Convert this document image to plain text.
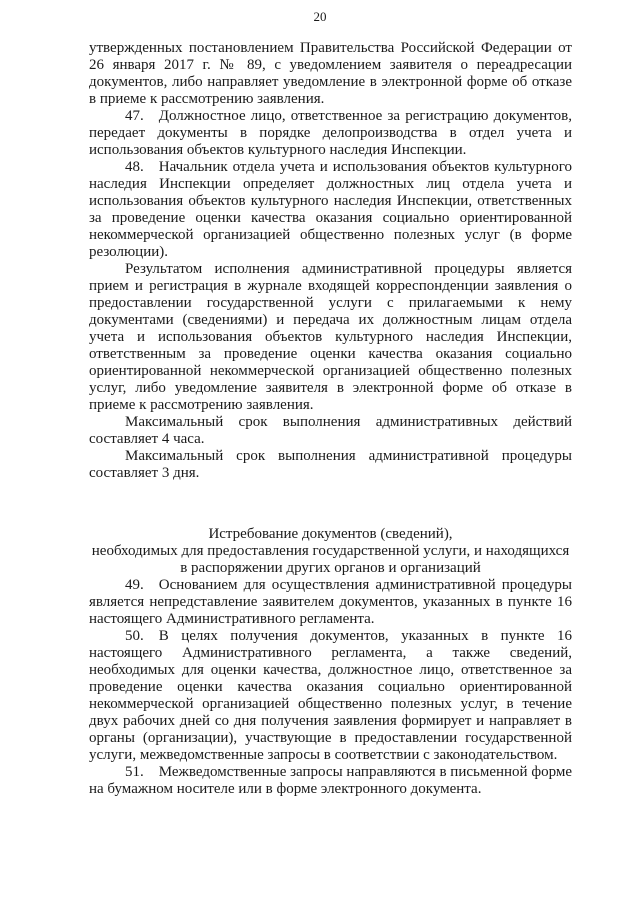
20

утвержденных постановлением Правительства Российской Федерации от 26 января 2017 г. № 89, с уведомлением заявителя о переадресации документов, либо направляет уведомление в электронной форме об отказе в приеме к рассмотрению заявления.

47. Должностное лицо, ответственное за регистрацию документов, передает документы в порядке делопроизводства в отдел учета и использования объектов культурного наследия Инспекции.

48. Начальник отдела учета и использования объектов культурного наследия Инспекции определяет должностных лиц отдела учета и использования объектов культурного наследия Инспекции, ответственных за проведение оценки качества оказания социально ориентированной некоммерческой организацией общественно полезных услуг (в форме резолюции).

Результатом исполнения административной процедуры является прием и регистрация в журнале входящей корреспонденции заявления о предоставлении государственной услуги с прилагаемыми к нему документами (сведениями) и передача их должностным лицам отдела учета и использования объектов культурного наследия Инспекции, ответственным за проведение оценки качества оказания социально ориентированной некоммерческой организацией общественно полезных услуг, либо уведомление заявителя в электронной форме об отказе в приеме к рассмотрению заявления.

Максимальный срок выполнения административных действий составляет 4 часа.

Максимальный срок выполнения административной процедуры составляет 3 дня.

Истребование документов (сведений),
необходимых для предоставления государственной услуги, и находящихся
в распоряжении других органов и организаций

49. Основанием для осуществления административной процедуры является непредставление заявителем документов, указанных в пункте 16 настоящего Административного регламента.

50. В целях получения документов, указанных в пункте 16 настоящего Административного регламента, а также сведений, необходимых для оценки качества, должностное лицо, ответственное за проведение оценки качества оказания социально ориентированной некоммерческой организацией общественно полезных услуг, в течение двух рабочих дней со дня получения заявления формирует и направляет в органы (организации), участвующие в предоставлении государственной услуги, межведомственные запросы в соответствии с законодательством.

51. Межведомственные запросы направляются в письменной форме на бумажном носителе или в форме электронного документа.
